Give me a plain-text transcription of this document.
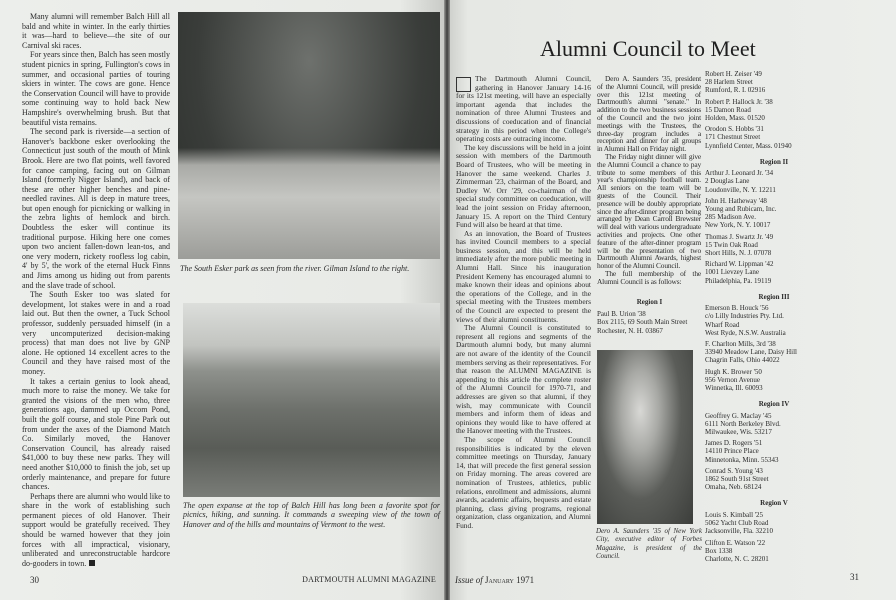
Many alumni will remember Balch Hill all bald and white in winter. In the early thirties it was—hard to believe—the site of our Carnival ski races.

For years since then, Balch has seen mostly student picnics in spring, Fullington's cows in summer, and occasional parties of touring skiers in winter. The cows are gone. Hence the Conservation Council will have to provide some continuing way to hold back New Hampshire's overwhelming brush. But that beautiful vista remains.

The second park is riverside—a section of Hanover's backbone esker overlooking the Connecticut just south of the mouth of Mink Brook. Here are two flat points, well favored for canoe camping, facing out on Gilman Island (formerly Nigger Island), and back of these are other higher benches and pine-needled ravines. All is deep in mature trees, but open enough for picnicking or walking in the zebra lights of hemlock and birch. Doubtless the esker will continue its traditional purpose. Hiking here one comes upon two ancient fallen-down lean-tos, and one very modern, rickety roofless log cabin, 4' by 5', the work of the eternal Huck Finns and Jims among us hiding out from parents and the slave trade of school.

The South Esker too was slated for development, lot stakes were in and a road laid out. But then the owner, a Tuck School professor, suddenly persuaded himself (in a very uncomputerized decision-making process) that man does not live by GNP alone. He optioned 14 excellent acres to the Council and they have raised most of the money.

It takes a certain genius to look ahead, much more to raise the money. We take for granted the visions of the men who, three generations ago, dammed up Occom Pond, built the golf course, and stole Pine Park out from under the axes of the Diamond Match Co. Similarly moved, the Hanover Conservation Council, has already raised $41,000 to buy these new parks. They will need another $10,000 to finish the job, set up orderly maintenance, and prepare for future chances.

Perhaps there are alumni who would like to share in the work of establishing such permanent pieces of old Hanover. Their support would be gratefully received. They should be warned however that they join forces with all impractical, visionary, unliberated and unreconstructable hardcore do-gooders in town.

The South Esker park as seen from the river. Gilman Island to the right.
The open expanse at the top of Balch Hill has long been a favorite spot for picnics, hiking, and sunning. It commands a sweeping view of the town of Hanover and of the hills and mountains of Vermont to the west.
30	DARTMOUTH ALUMNI MAGAZINE
Alumni Council to Meet

The Dartmouth Alumni Council, gathering in Hanover January 14-16 for its 121st meeting, will have an especially important agenda that includes the nomination of three Alumni Trustees and discussions of coeducation and of financial strategy in this period when the College's operating costs are outracing income.

The key discussions will be held in a joint session with members of the Dartmouth Board of Trustees, who will be meeting in Hanover the same weekend. Charles J. Zimmerman '23, chairman of the Board, and Dudley W. Orr '29, co-chairman of the special study committee on coeducation, will lead the joint session on Friday afternoon, January 15. A report on the Third Century Fund will also be heard at that time.

As an innovation, the Board of Trustees has invited Council members to a special business session, and this will be held immediately after the more public meeting in Alumni Hall. Since his inauguration President Kemeny has encouraged alumni to make known their ideas and opinions about the operations of the College, and in the special meeting with the Trustees members of the Council are expected to present the views of their alumni constituents.

The Alumni Council is constituted to represent all regions and segments of the Dartmouth alumni body, but many alumni are not aware of the identity of the Council members serving as their representatives. For that reason the ALUMNI MAGAZINE is appending to this article the complete roster of the Alumni Council for 1970-71, and addresses are given so that alumni, if they wish, may communicate with Council members and inform them of ideas and opinions they would like to have offered at the Hanover meeting with the Trustees.

The scope of Alumni Council responsibilities is indicated by the eleven committee meetings on Thursday, January 14, that will precede the first general session on Friday morning. The areas covered are nomination of Trustees, athletics, public relations, enrollment and admissions, alumni awards, academic affairs, bequests and estate planning, class giving programs, regional organization, class organization, and Alumni Fund.

Dero A. Saunders '35, president of the Alumni Council, will preside over this 121st meeting of Dartmouth's alumni "senate." In addition to the two business sessions of the Council and the two joint meetings with the Trustees, the three-day program includes a reception and dinner for all groups in Alumni Hall on Friday night.

The Friday night dinner will give the Alumni Council a chance to pay tribute to some members of this year's championship football team. All seniors on the team will be guests of the Council. Their presence will be doubly appropriate since the after-dinner program being arranged by Dean Carroll Brewster will deal with various undergraduate activities and projects. One other feature of the after-dinner program will be the presentation of two Dartmouth Alumni Awards, highest honor of the Alumni Council.

The full membership of the Alumni Council is as follows:

Region I
Paul B. Urion '38
Box 2115, 69 South Main Street
Rochester, N. H. 03867
Dero A. Saunders '35 of New York City, executive editor of Forbes Magazine, is president of the Council.
Robert H. Zeiser '49
28 Harlem Street
Rumford, R. I. 02916
Robert P. Hallock Jr. '38
15 Damon Road
Holden, Mass. 01520
Orodon S. Hobbs '31
171 Chestnut Street
Lynnfield Center, Mass. 01940
Region II
Arthur J. Leonard Jr. '34
2 Douglas Lane
Loudonville, N. Y. 12211
John H. Hatheway '48
Young and Rubicam, Inc.
285 Madison Ave.
New York, N. Y. 10017
Thomas J. Swartz Jr. '49
15 Twin Oak Road
Short Hills, N. J. 07078
Richard W. Lippman '42
1001 Lievzey Lane
Philadelphia, Pa. 19119
Region III
Emerson B. Houck '56
c/o Lilly Industries Pty. Ltd.
Wharf Road
West Ryde, N.S.W. Australia
F. Charlton Mills, 3rd '38
33940 Meadow Lane, Daisy Hill
Chagrin Falls, Ohio 44022
Hugh K. Brower '50
956 Vernon Avenue
Winnetka, Ill. 60093
Region IV
Geoffrey G. Maclay '45
6111 North Berkeley Blvd.
Milwaukee, Wis. 53217
James D. Rogers '51
14110 Prince Place
Minnetonka, Minn. 55343
Conrad S. Young '43
1862 South 91st Street
Omaha, Neb. 68124
Region V
Louis S. Kimball '25
5062 Yacht Club Road
Jacksonville, Fla. 32210
Clifton E. Watson '22
Box 1338
Charlotte, N. C. 28201
Issue of January 1971	31
